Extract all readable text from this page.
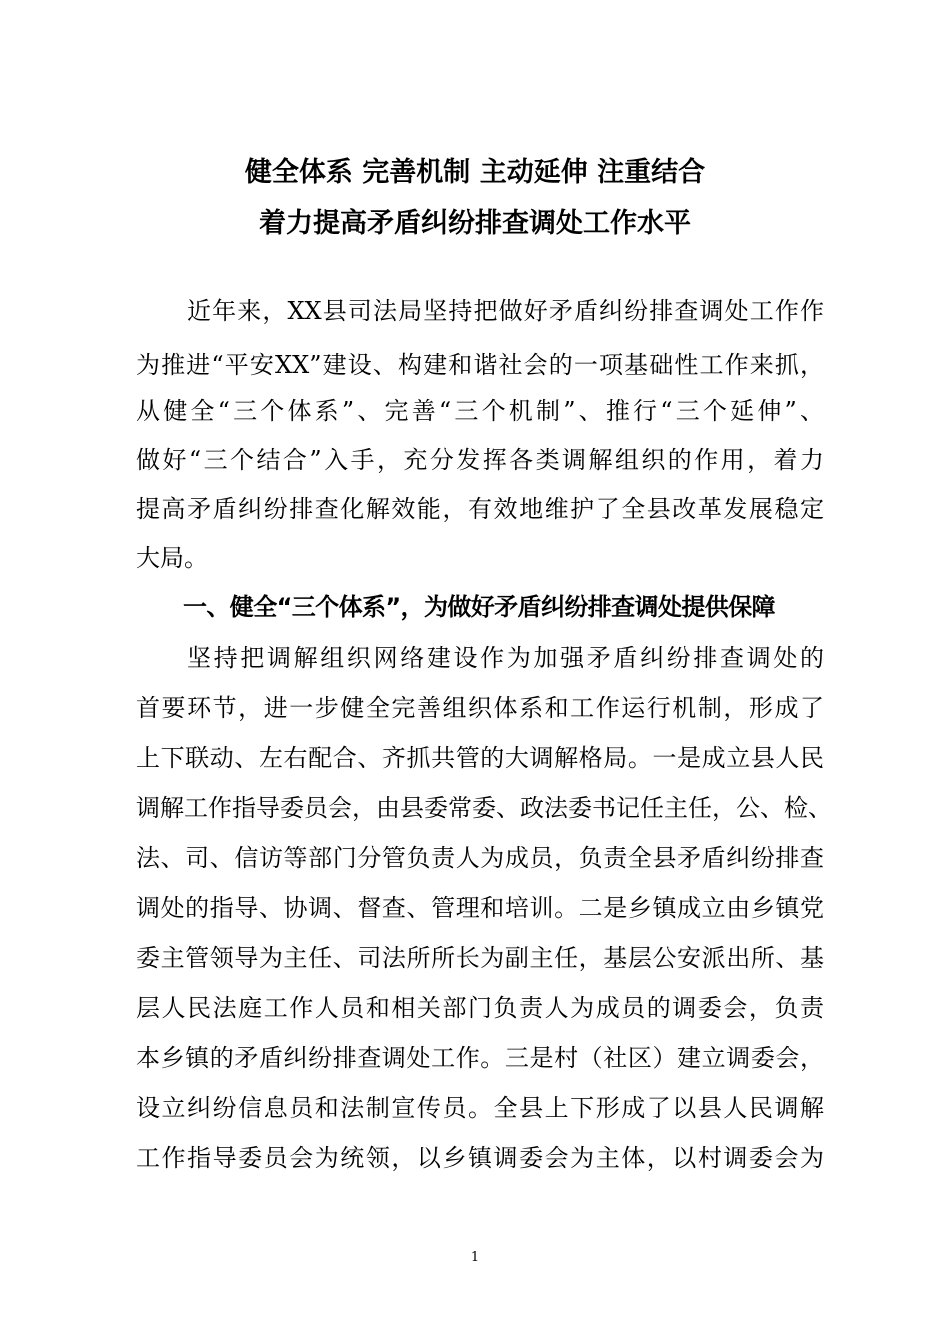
健全体系 完善机制 主动延伸 注重结合
着力提高矛盾纠纷排查调处工作水平
近年来，XX县司法局坚持把做好矛盾纠纷排查调处工作作
为推进“平安XX”建设、构建和谐社会的一项基础性工作来抓，
从健全“三个体系”、完善“三个机制”、推行“三个延伸”、
做好“三个结合”入手，充分发挥各类调解组织的作用，着力
提高矛盾纠纷排查化解效能，有效地维护了全县改革发展稳定
大局。
一、健全“三个体系”，为做好矛盾纠纷排查调处提供保障
坚持把调解组织网络建设作为加强矛盾纠纷排查调处的
首要环节，进一步健全完善组织体系和工作运行机制，形成了
上下联动、左右配合、齐抓共管的大调解格局。一是成立县人民
调解工作指导委员会，由县委常委、政法委书记任主任，公、检、
法、司、信访等部门分管负责人为成员，负责全县矛盾纠纷排查
调处的指导、协调、督查、管理和培训。二是乡镇成立由乡镇党
委主管领导为主任、司法所所长为副主任，基层公安派出所、基
层人民法庭工作人员和相关部门负责人为成员的调委会，负责
本乡镇的矛盾纠纷排查调处工作。三是村（社区）建立调委会，
设立纠纷信息员和法制宣传员。全县上下形成了以县人民调解
工作指导委员会为统领，以乡镇调委会为主体，以村调委会为
1
